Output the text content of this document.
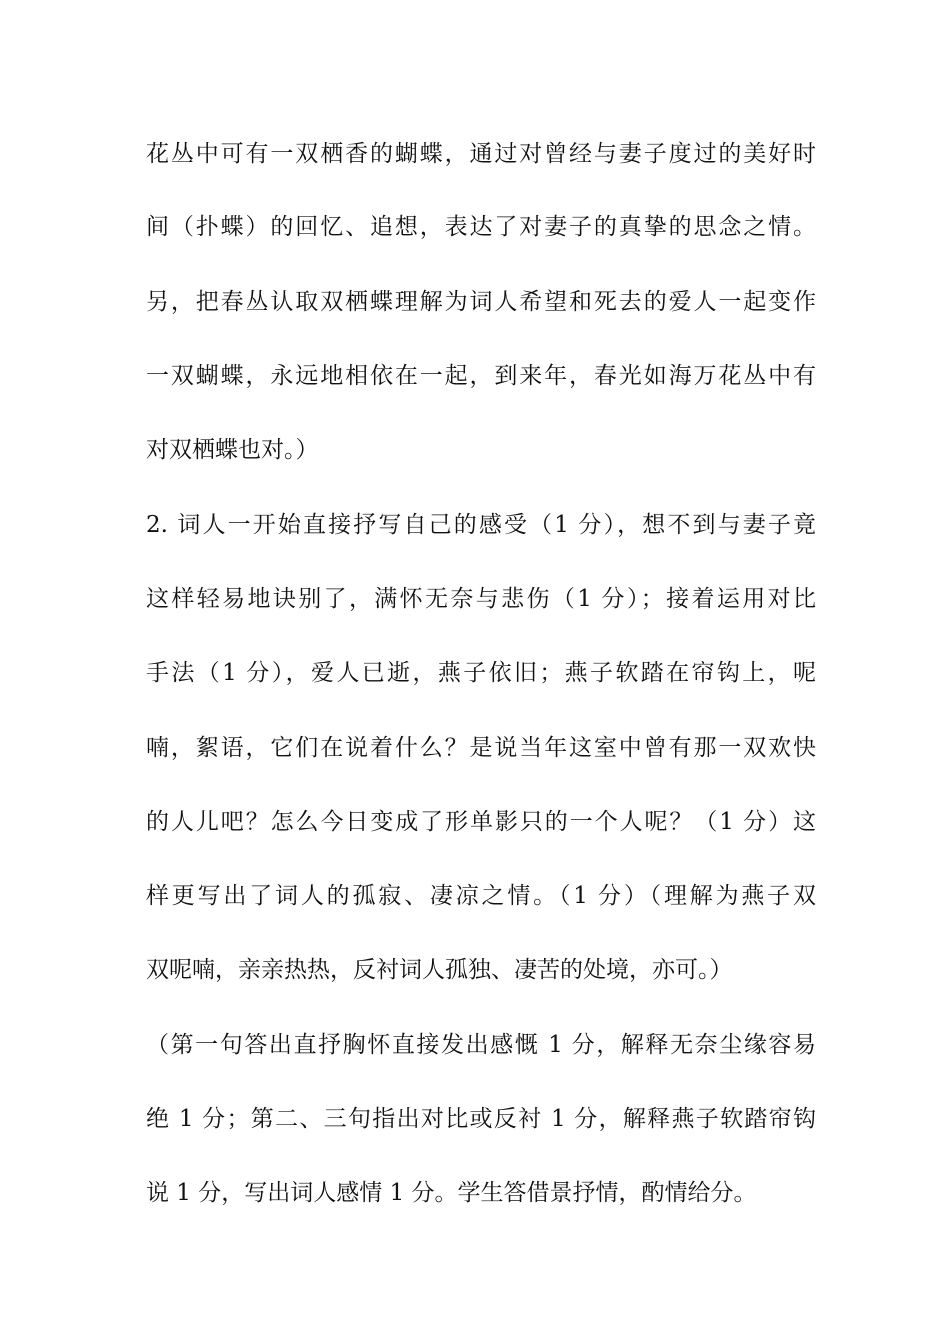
花丛中可有一双栖香的蝴蝶，通过对曾经与妻子度过的美好时
间（扑蝶）的回忆、追想，表达了对妻子的真挚的思念之情。
另，把春丛认取双栖蝶理解为词人希望和死去的爱人一起变作
一双蝴蝶，永远地相依在一起，到来年，春光如海万花丛中有
对双栖蝶也对。）
2. 词人一开始直接抒写自己的感受（1 分），想不到与妻子竟
这样轻易地诀别了，满怀无奈与悲伤（1 分）；接着运用对比
手法（1 分），爱人已逝，燕子依旧；燕子软踏在帘钩上，呢
喃，絮语，它们在说着什么？是说当年这室中曾有那一双欢快
的人儿吧？怎么今日变成了形单影只的一个人呢？（1 分）这
样更写出了词人的孤寂、凄凉之情。（1 分）（理解为燕子双
双呢喃，亲亲热热，反衬词人孤独、凄苦的处境，亦可。）
（第一句答出直抒胸怀直接发出感慨 1 分，解释无奈尘缘容易
绝 1 分；第二、三句指出对比或反衬 1 分，解释燕子软踏帘钩
说 1 分，写出词人感情 1 分。学生答借景抒情，酌情给分。
